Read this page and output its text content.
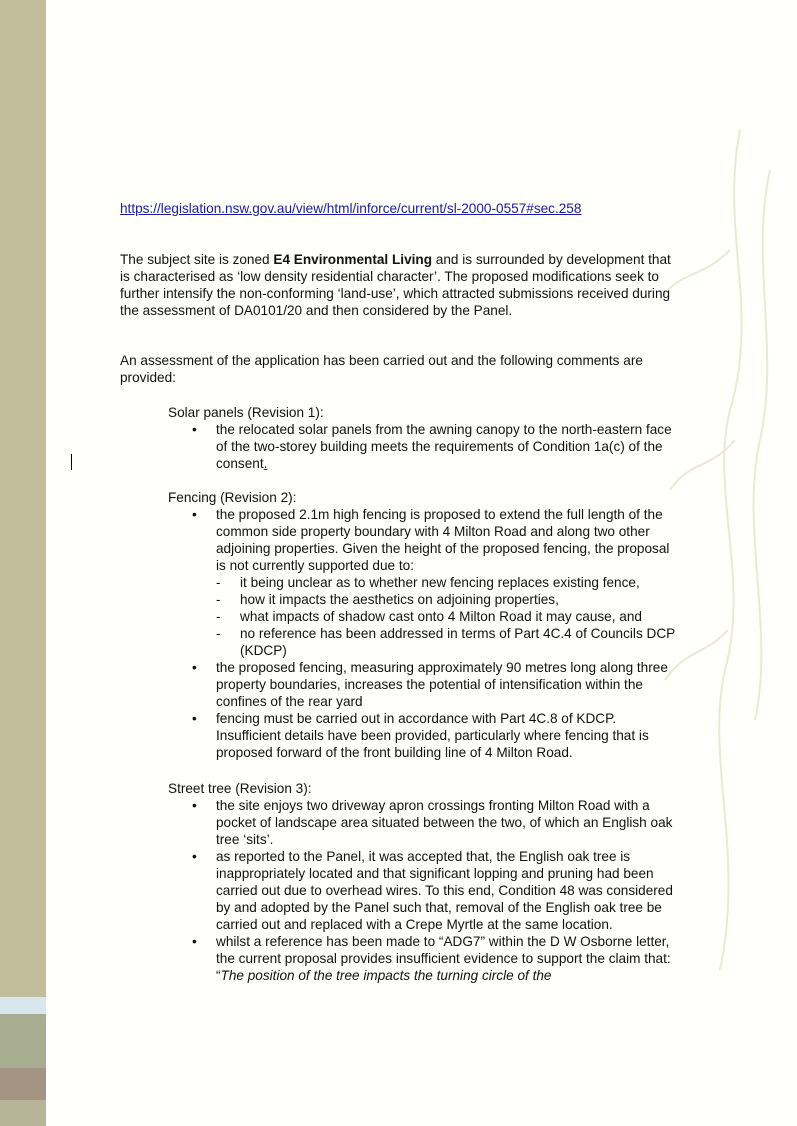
https://legislation.nsw.gov.au/view/html/inforce/current/sl-2000-0557#sec.258

The subject site is zoned E4 Environmental Living and is surrounded by development that is characterised as ‘low density residential character’. The proposed modifications seek to further intensify the non-conforming ‘land-use’, which attracted submissions received during the assessment of DA0101/20 and then considered by the Panel.

An assessment of the application has been carried out and the following comments are provided:

Solar panels (Revision 1):

• the relocated solar panels from the awning canopy to the north-eastern face of the two-storey building meets the requirements of Condition 1a(c) of the consent.

Fencing (Revision 2):

• the proposed 2.1m high fencing is proposed to extend the full length of the common side property boundary with 4 Milton Road and along two other adjoining properties. Given the height of the proposed fencing, the proposal is not currently supported due to:
- it being unclear as to whether new fencing replaces existing fence,
- how it impacts the aesthetics on adjoining properties,
- what impacts of shadow cast onto 4 Milton Road it may cause, and
- no reference has been addressed in terms of Part 4C.4 of Councils DCP (KDCP)
• the proposed fencing, measuring approximately 90 metres long along three property boundaries, increases the potential of intensification within the confines of the rear yard
• fencing must be carried out in accordance with Part 4C.8 of KDCP. Insufficient details have been provided, particularly where fencing that is proposed forward of the front building line of 4 Milton Road.

Street tree (Revision 3):

• the site enjoys two driveway apron crossings fronting Milton Road with a pocket of landscape area situated between the two, of which an English oak tree ‘sits’.
• as reported to the Panel, it was accepted that, the English oak tree is inappropriately located and that significant lopping and pruning had been carried out due to overhead wires. To this end, Condition 48 was considered by and adopted by the Panel such that, removal of the English oak tree be carried out and replaced with a Crepe Myrtle at the same location.
• whilst a reference has been made to “ADG7” within the D W Osborne letter, the current proposal provides insufficient evidence to support the claim that: “The position of the tree impacts the turning circle of the
